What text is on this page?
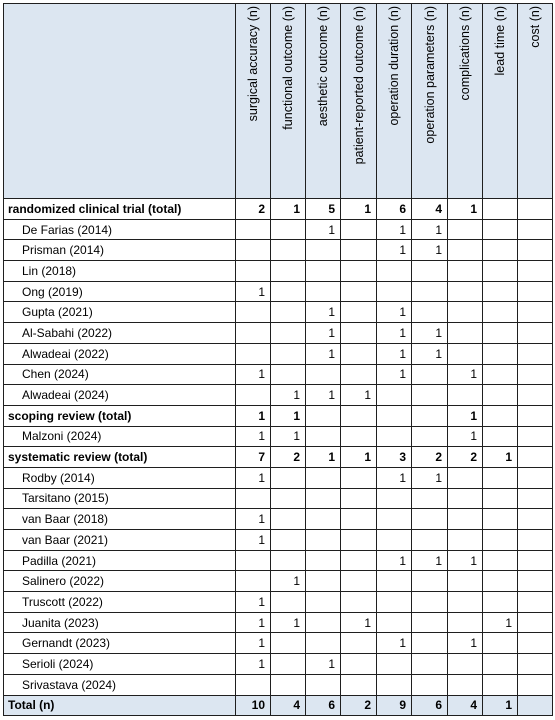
	surgical accuracy (n)	functional outcome (n)	aesthetic outcome (n)	patient-reported outcome (n)	operation duration (n)	operation parameters (n)	complications (n)	lead time (n)	cost (n)

randomized clinical trial (total)	2	1	5	1	6	4	1		
De Farias (2014)			1		1	1			
Prisman (2014)					1	1			
Lin (2018)									
Ong (2019)	1								
Gupta (2021)			1		1				
Al-Sabahi (2022)			1		1	1			
Alwadeai (2022)			1		1	1			
Chen (2024)	1				1		1		
Alwadeai (2024)		1	1	1					
scoping review (total)	1	1					1		
Malzoni (2024)	1	1					1		
systematic review (total)	7	2	1	1	3	2	2	1	
Rodby (2014)	1				1	1			
Tarsitano (2015)									
van Baar (2018)	1								
van Baar (2021)	1								
Padilla (2021)					1	1	1		
Salinero (2022)		1							
Truscott (2022)	1								
Juanita (2023)	1	1		1				1	
Gernandt (2023)	1				1		1		
Serioli (2024)	1		1						
Srivastava (2024)									
Total (n)	10	4	6	2	9	6	4	1	
